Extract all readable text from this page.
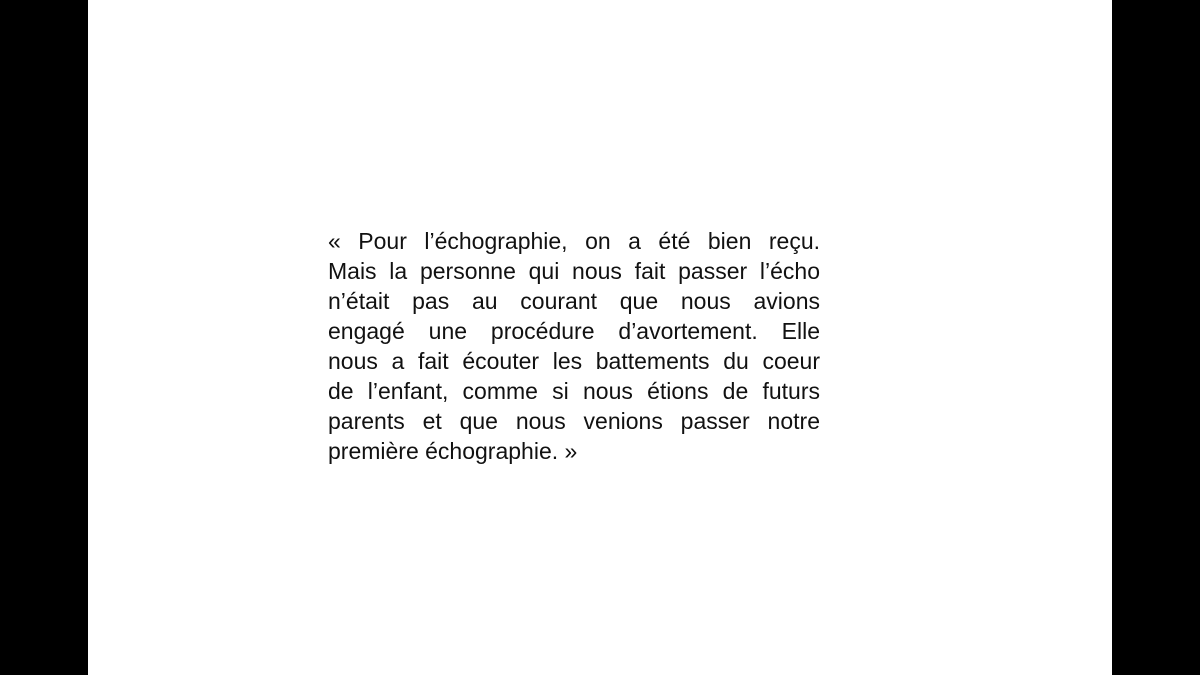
« Pour l’échographie, on a été bien reçu.
Mais la personne qui nous fait passer l’écho
n’était pas au courant que nous avions
engagé une procédure d’avortement. Elle
nous a fait écouter les battements du coeur
de l’enfant, comme si nous étions de futurs
parents et que nous venions passer notre
première échographie. »
